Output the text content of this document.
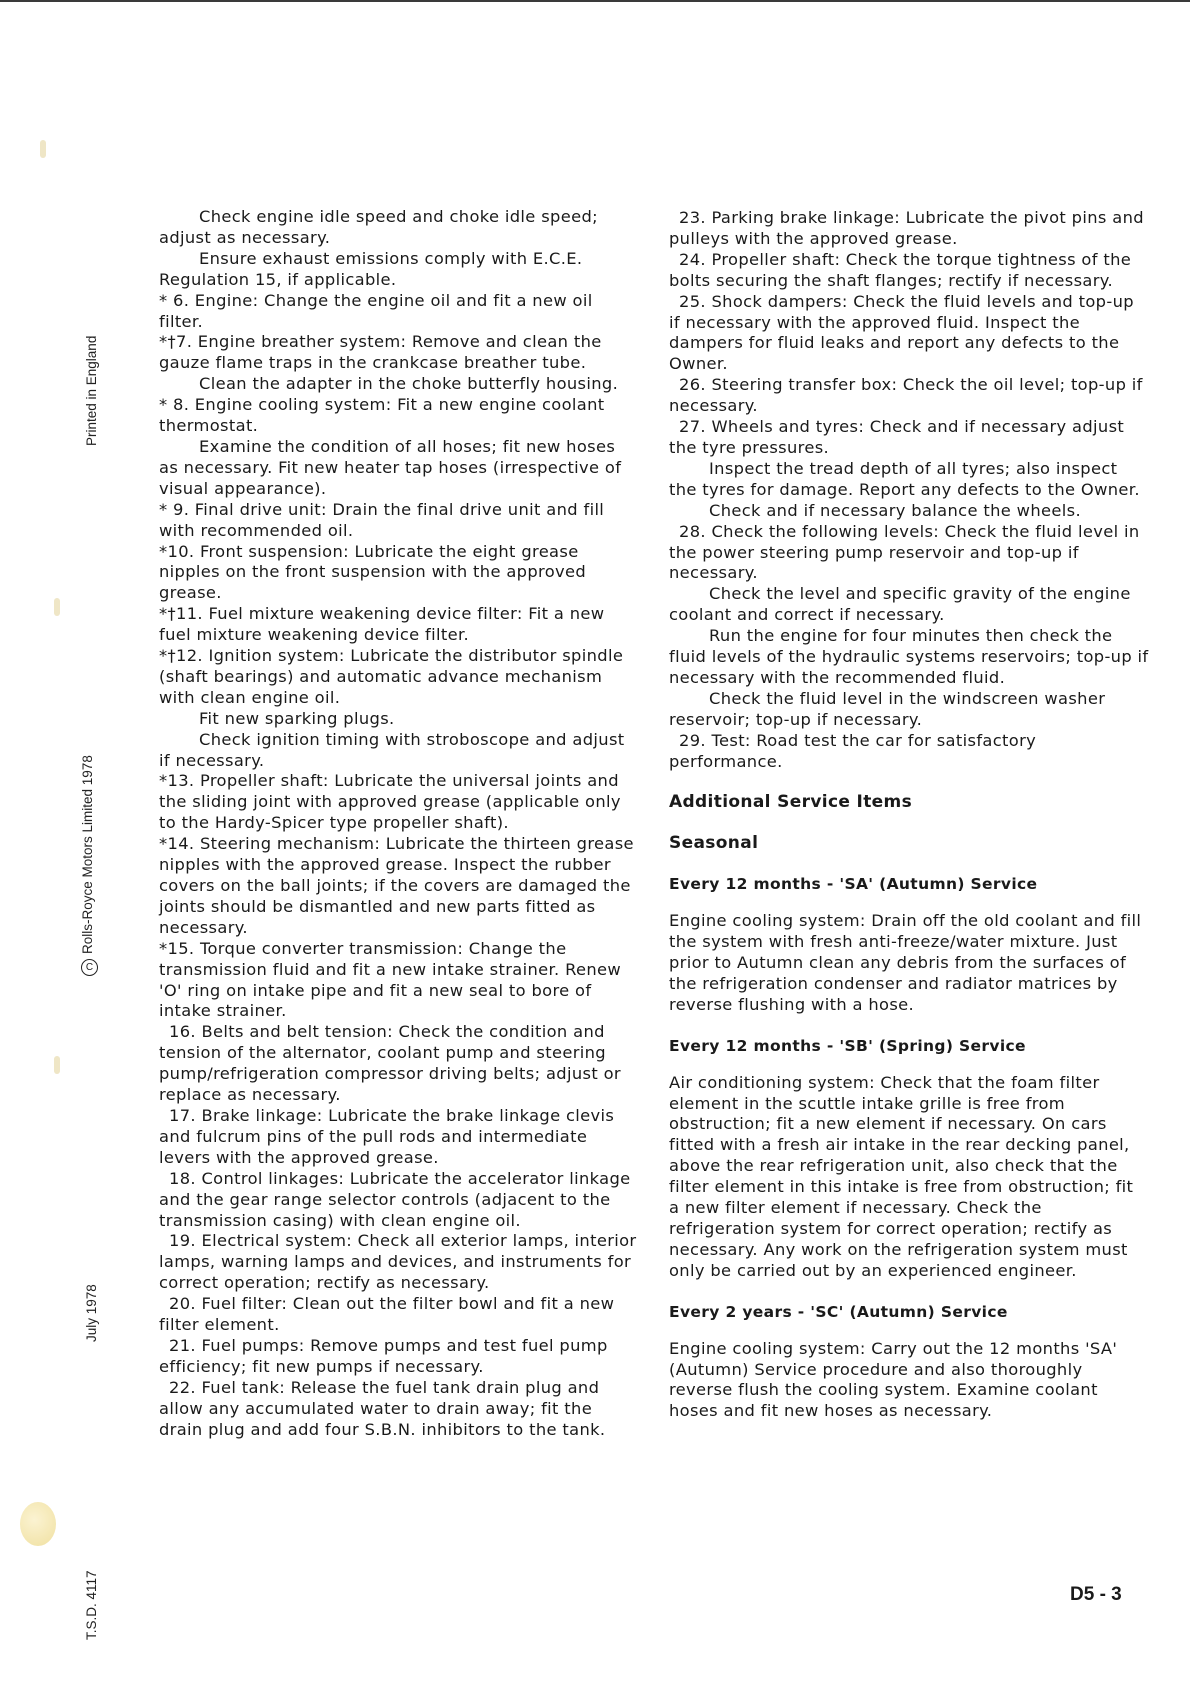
Printed in England
CRolls-Royce Motors Limited 1978
July 1978
T.S.D. 4117

Check engine idle speed and choke idle speed; adjust as necessary.

Ensure exhaust emissions comply with E.C.E. Regulation 15, if applicable.

* 6. Engine: Change the engine oil and fit a new oil filter.

*†7. Engine breather system: Remove and clean the gauze flame traps in the crankcase breather tube.

Clean the adapter in the choke butterfly housing.

* 8. Engine cooling system: Fit a new engine coolant thermostat.

Examine the condition of all hoses; fit new hoses as necessary. Fit new heater tap hoses (irrespective of visual appearance).

* 9. Final drive unit: Drain the final drive unit and fill with recommended oil.

*10. Front suspension: Lubricate the eight grease nipples on the front suspension with the approved grease.

*†11. Fuel mixture weakening device filter: Fit a new fuel mixture weakening device filter.

*†12. Ignition system: Lubricate the distributor spindle (shaft bearings) and automatic advance mechanism with clean engine oil.

Fit new sparking plugs.

Check ignition timing with stroboscope and adjust if necessary.

*13. Propeller shaft: Lubricate the universal joints and the sliding joint with approved grease (applicable only to the Hardy-Spicer type propeller shaft).

*14. Steering mechanism: Lubricate the thirteen grease nipples with the approved grease. Inspect the rubber covers on the ball joints; if the covers are damaged the joints should be dismantled and new parts fitted as necessary.

*15. Torque converter transmission: Change the transmission fluid and fit a new intake strainer. Renew 'O' ring on intake pipe and fit a new seal to bore of intake strainer.

16. Belts and belt tension: Check the condition and tension of the alternator, coolant pump and steering pump/refrigeration compressor driving belts; adjust or replace as necessary.

17. Brake linkage: Lubricate the brake linkage clevis and fulcrum pins of the pull rods and intermediate levers with the approved grease.

18. Control linkages: Lubricate the accelerator linkage and the gear range selector controls (adjacent to the transmission casing) with clean engine oil.

19. Electrical system: Check all exterior lamps, interior lamps, warning lamps and devices, and instruments for correct operation; rectify as necessary.

20. Fuel filter: Clean out the filter bowl and fit a new filter element.

21. Fuel pumps: Remove pumps and test fuel pump efficiency; fit new pumps if necessary.

22. Fuel tank: Release the fuel tank drain plug and allow any accumulated water to drain away; fit the drain plug and add four S.B.N. inhibitors to the tank.

23. Parking brake linkage: Lubricate the pivot pins and pulleys with the approved grease.

24. Propeller shaft: Check the torque tightness of the bolts securing the shaft flanges; rectify if necessary.

25. Shock dampers: Check the fluid levels and top-up if necessary with the approved fluid. Inspect the dampers for fluid leaks and report any defects to the Owner.

26. Steering transfer box: Check the oil level; top-up if necessary.

27. Wheels and tyres: Check and if necessary adjust the tyre pressures.

Inspect the tread depth of all tyres; also inspect the tyres for damage. Report any defects to the Owner.

Check and if necessary balance the wheels.

28. Check the following levels: Check the fluid level in the power steering pump reservoir and top-up if necessary.

Check the level and specific gravity of the engine coolant and correct if necessary.

Run the engine for four minutes then check the fluid levels of the hydraulic systems reservoirs; top-up if necessary with the recommended fluid.

Check the fluid level in the windscreen washer reservoir; top-up if necessary.

29. Test: Road test the car for satisfactory performance.

Additional Service Items

Seasonal

Every 12 months - 'SA' (Autumn) Service

Engine cooling system: Drain off the old coolant and fill the system with fresh anti-freeze/water mixture. Just prior to Autumn clean any debris from the surfaces of the refrigeration condenser and radiator matrices by reverse flushing with a hose.

Every 12 months - 'SB' (Spring) Service

Air conditioning system: Check that the foam filter element in the scuttle intake grille is free from obstruction; fit a new element if necessary. On cars fitted with a fresh air intake in the rear decking panel, above the rear refrigeration unit, also check that the filter element in this intake is free from obstruction; fit a new filter element if necessary. Check the refrigeration system for correct operation; rectify as necessary. Any work on the refrigeration system must only be carried out by an experienced engineer.

Every 2 years - 'SC' (Autumn) Service

Engine cooling system: Carry out the 12 months 'SA' (Autumn) Service procedure and also thoroughly reverse flush the cooling system. Examine coolant hoses and fit new hoses as necessary.

D5 - 3
